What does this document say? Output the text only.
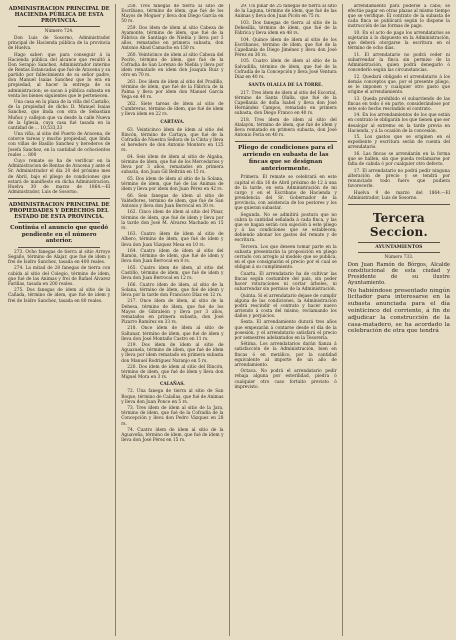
ADMINISTRACION PRINCIPAL DE HACIENDA PÚBLICA DE ESTA PROVINCIA.
Número 724.

Don Luis de Sosorno, Administrador principal de Hacienda pública de la provincia de Huelva.

Hago saber: que para conseguir á la Hacienda pública del alcance que resultó á Don Serapio Sanchez, Administrador interino de Rentas Estancadas que fué de Aracena y su partido por fallecimiento de su señor padre, don Manuel Isaias Sanchez que lo era en propiedad, al hacer la entrega de su administracion; se sacan á pública subasta en venta los bienes siguientes que le pertenecen.

Una casa en la plaza de la villa del Castaño, de la propiedad de dicho D. Manuel Isaias Sanchez, que linda con otra de Sebastian Muñoz y callejon que va desde la calle Nueva de la Iglesia, cuya casa fué tasada en la cantidad de ... 10,533,33

Una viña, al sitio del Puerto de Aracena, de catorce tareas y mucho propiedad, que linda con viñas de Basilio Sanchez y herederos de Josefa Sanchez, en la cantidad de ochocientos reales ... 800

Cuyo remate se ha de verificar en la Administracion de Rentas de Aracena y ante el Sr. Administrador el dia 20 del próximo mes de Abril, bajo el pliego de condiciones que estará de manifiesto en dicha Administracion. Huelva 30 de marzo de 1864.—El Administrador, Luis de Sosorno.

ADMINISTRACION PRINCIPAL DE PROPIEDADES Y DERECHOS DEL ESTADO DE ESTA PROVINCIA.
Continúa el anuncio que quedó pendiente en el número anterior.

273. Ocho fanegas de tierra al sitio Arroyo Segaño, término de Alajar, que fué de idem y frei de Isidro Sanchez, tasada en 400 reales.

274. La mitad de 28 fanegas de tierra con cabida al sitio del Colegio, término de idem, que fué de las Animas y frei de Rafael Alvarez Fariñas, tasada en 200 reales.

275. Dos fanegas de idem al sitio de la Cañada, término de idem, que fué de idem y frei de Isidro Sanchez, tasada en 80 reales.

258. Tres fanegas de tierra al sitio de Escribano, término de ídem, que fué de los Mayos de Moguer y lleva don Diego García en 50 rs.

259. Dos ídem de ídem al sitio Cabeza de Ayamonte, término de ídem, que fué de la Fábrica de Santiago de Niebla y lleva por 3 años, rematados en primera subasta, don Antonio Abad Camacho en 150 rs.

260. Veinticinco de ídem al sitio Cabeza del Pocito, término de ídem, que fué de la Cofradía de San Lorenzo de Niebla y lleva por idem rematado en idem don Joaquín Ruiz y otro en 70 rs.

261. Dos ídem de ídem al sitio del Pradillo, término de ídem, que fué de la Fábrica de la Palma y lleva por idem don Manuel García Vega en 40 rs.

262. Siete tareas de ídem al sitio de Cumbreras, término de ídem, que fué de idem y lleva idem en 22 rs.

CARTAYA.

63. Veinticinco ídem de ídem al sitio del Rincón, término de Cartaya, que fué de la Cofradía de Nuestra Señora de la Cinta y lleva el heredero de don Antonio Montero en 125 rs.

64. Seis ídem de ídem al sitio de Algaba, término de ídem, que fué de los Mercedarios y lleva por 3 años, rematados en primera subasta, don Juan Gil Beltrán en 15 rs.

65. Dos ídem de ídem al sitio de la Solana, término de ídem, que fué de las Animas de ídem y lleva por idem don Juan Pérez en 42 rs.

66. Seis fanegas de ídem al sitio de Valdeflores, término de ídem, que fué de San Antonio y lleva don Juan Berrocal en 30 rs.

162. Cinco ídem de ídem al sitio del Pinar, término de ídem, que fué de idem y lleva por la tarde don José M. Alvarez Machado en 15 rs.

163. Cuatro ídem de ídem al sitio de Albero, término de ídem, que fué de idem y lleva don Juan Vázquez Mesa en 10 rs.

164. Cuatro ídem de ídem al sitio del Ramón, término de ídem, que fué de idem y lleva don Juan Berrocal en 8 rs.

165. Cuatro ídem de ídem, al sitio del Castillo, término de ídem, que fué de idem y lleva don Juan Berrocal en 12 rs.

166. Cuatro ídem de ídem, al sitio de la Solana, término de ídem, que fué de idem y lleva por la tarde don Francisco Díaz en 12 rs.

217. Once ídem de ídem, al sitio de la Dehesa, término de ídem, que fué de los Mayos de Gibraleón y lleva por 3 años, rematados en primera subasta, don José Pizarro Ramírez en 33 rs.

218. Once ídem de ídem al sitio de Saltanar, término de ídem, que fué de ídem y lleva don José Montaño Castro en 11 rs.

219. Dos ídem de ídem al sitio de Aguazuela, término de ídem, que fué de ídem y lleva por idem rematado en primera subasta don Manuel Rodríguez Naranjo en 5 rs.

220. Dos ídem de ídem al sitio del Rincón, término de ídem, que fué de ídem y lleva don Miguel Mora en 3 rs.

CALAÑAS.

72. Una fanega de tierra al sitio de San Roque, término de Calañas, que fué de Animas y lleva don Juan Ponce en 5 rs.

73. Tres ídem de ídem al sitio de la Jara, término de ídem, que fué de la Cofradía de la Concepción y lleva don Pedro Vázquez en 28 rs.

74. Cuatro ídem de ídem al sitio de la Aguaveña, término de ídem, que fué de ídem y lleva don José Pérez en 15 rs.

29. Un pinar de 25 fanegas de tierra al sitio de la Laguna, término de ídem, que fué de las Animas y lleva don Juan Picón en 75 rs.

103. Dos fanegas de tierra al sitio de la Dehesilla, término de ídem, que fué de la Fábrica y lleva idem en 48 rs.

104. Quince ídem de ídem al sitio de los Escribanos, término de ídem, que fué de la Capellanía de Diego Jiménez y lleva don José Pérez en 36 rs.

105. Cuatro ídem de ídem al sitio de la Salvadilla, término de ídem, que fué de la Cofradía de la Concepción y lleva José Ventura Díaz en 40 rs.

SANTA OLALLA DE LA TORRE.

217. Tres ídem de ídem al sitio del Escorial, término de Santa Olalla, que fué de la Capellanía de doña Isabel y lleva don José Hernández Campos, rematado en primera subasta, don Diego Franco en 40 rs.

218. Tres ídem de ídem al sitio del Atalayón, término de ídem, que fué de ídem y lleva rematado en primera subasta, don José Antonio Feria en 40 rs.

Pliego de condiciones para el arriendo en subasta de las fincas que se designan anteriormente.

Primera. El remate se celebrará en este capital el día 16 de Abril próximo de 12 á una de la tarde, en esta Administración de mi cargo y en el Escribano de Hacienda y presidencia del Sr. Gobernador de la provincia, con asistencia de los postores y los que quieran subastar.

Segunda. No se admitirá postura que no cubra la cantidad señalada á cada finca, y las que se hagan serán con sujeción á este pliego y á las condiciones que se establecen; debiendo abonar los gastos del remate y de escritura.

Tercera. Los que deseen tomar parte en la subasta presentarán la proposición en pliego cerrado con arreglo al modelo que se publica, en el que consignarán el precio por el cual se obligan á su cumplimiento.

Cuarta. El arrendatario ha de cultivar las fincas según costumbre del país, sin poder hacer roturaciones ni cortar árboles, ni subarrendar sin permiso de la Administración.

Quinta. Si el arrendatario dejase de cumplir alguna de las condiciones, la Administración podrá rescindir el contrato y hacer nuevo arriendo á costa del mismo, reclamando los daños y perjuicios.

Sexta. El arrendamiento durará tres años que empezarán á contarse desde el día de la posesión, y el arrendatario satisfará el precio por semestres adelantados en la Tesorería.

Sétima. Los arrendatarios darán fianza á satisfacción de la Administración, bien en fincas ó en metálico, por la cantidad equivalente al importe de un año de arrendamiento.

Octava. No podrá el arrendatario pedir rebaja alguna por esterilidad, piedra ó cualquier otro caso fortuito previsto ó imprevisto.

arrendamiento para poderse á cabo; se efectúe pagar en otras plazas al mismo tiempo que se verifique. El contrato de la subasta de cada finca se publicará según lo dispone la instrucción de las formas de pago.

10. En el acto de pago los arrendatarios se sujetarán á lo dispuesto en la Administración, que deberá otorgarse la escritura en el término de ocho días.

11. El arrendatario no podrá ceder ni subarrendar la finca sin permiso de la Administración, quien podrá denegarlo ó concederlo según las circunstancias.

12. Quedará obligado el arrendatario á los demás conceptos que, por el presente pliego, se le imponen y cualquier otro gasto que origine el arrendamiento.

13. Queda prohibido el subarriendo de las fincas en todo ó en parte, considerándose por este solo hecho rescindido el contrato.

14. En los arrendamientos de los que están en contrato le obligarán los que tienen que ser desalojar al extremo en la tarde previa en Hacienda, y á la ocasión de la concesión.

15. Los gastos que se originen en el expediente y escritura serán de cuenta del arrendatario.

16. Las fincas se arrendarán en la forma que se hallen, sin que pueda reclamarse por falta de cabida ó por cualquier otro defecto.

17. El arrendatario no podrá pedir ninguna alteración de precio y se tendrá por renunciado todo fuero que pudiera favorecerle.

Huelva 9 de marzo del 1864.—El Administrador, Luis de Sosorno.

Tercera Seccion.
AYUNTAMIENTOS
Número 733.

Don Juan Ramón de Bórgos, Alcalde constitucional de esta ciudad y Presidente de su ilustre Ayuntamiento.

No habiéndose presentado ningún licitador para interesarse en la subasta anunciada para el día veinticinco del corriente, á fin de adjudicar la construcción de la casa-matadero, se ha acordado la celebración de otra que tendrá
